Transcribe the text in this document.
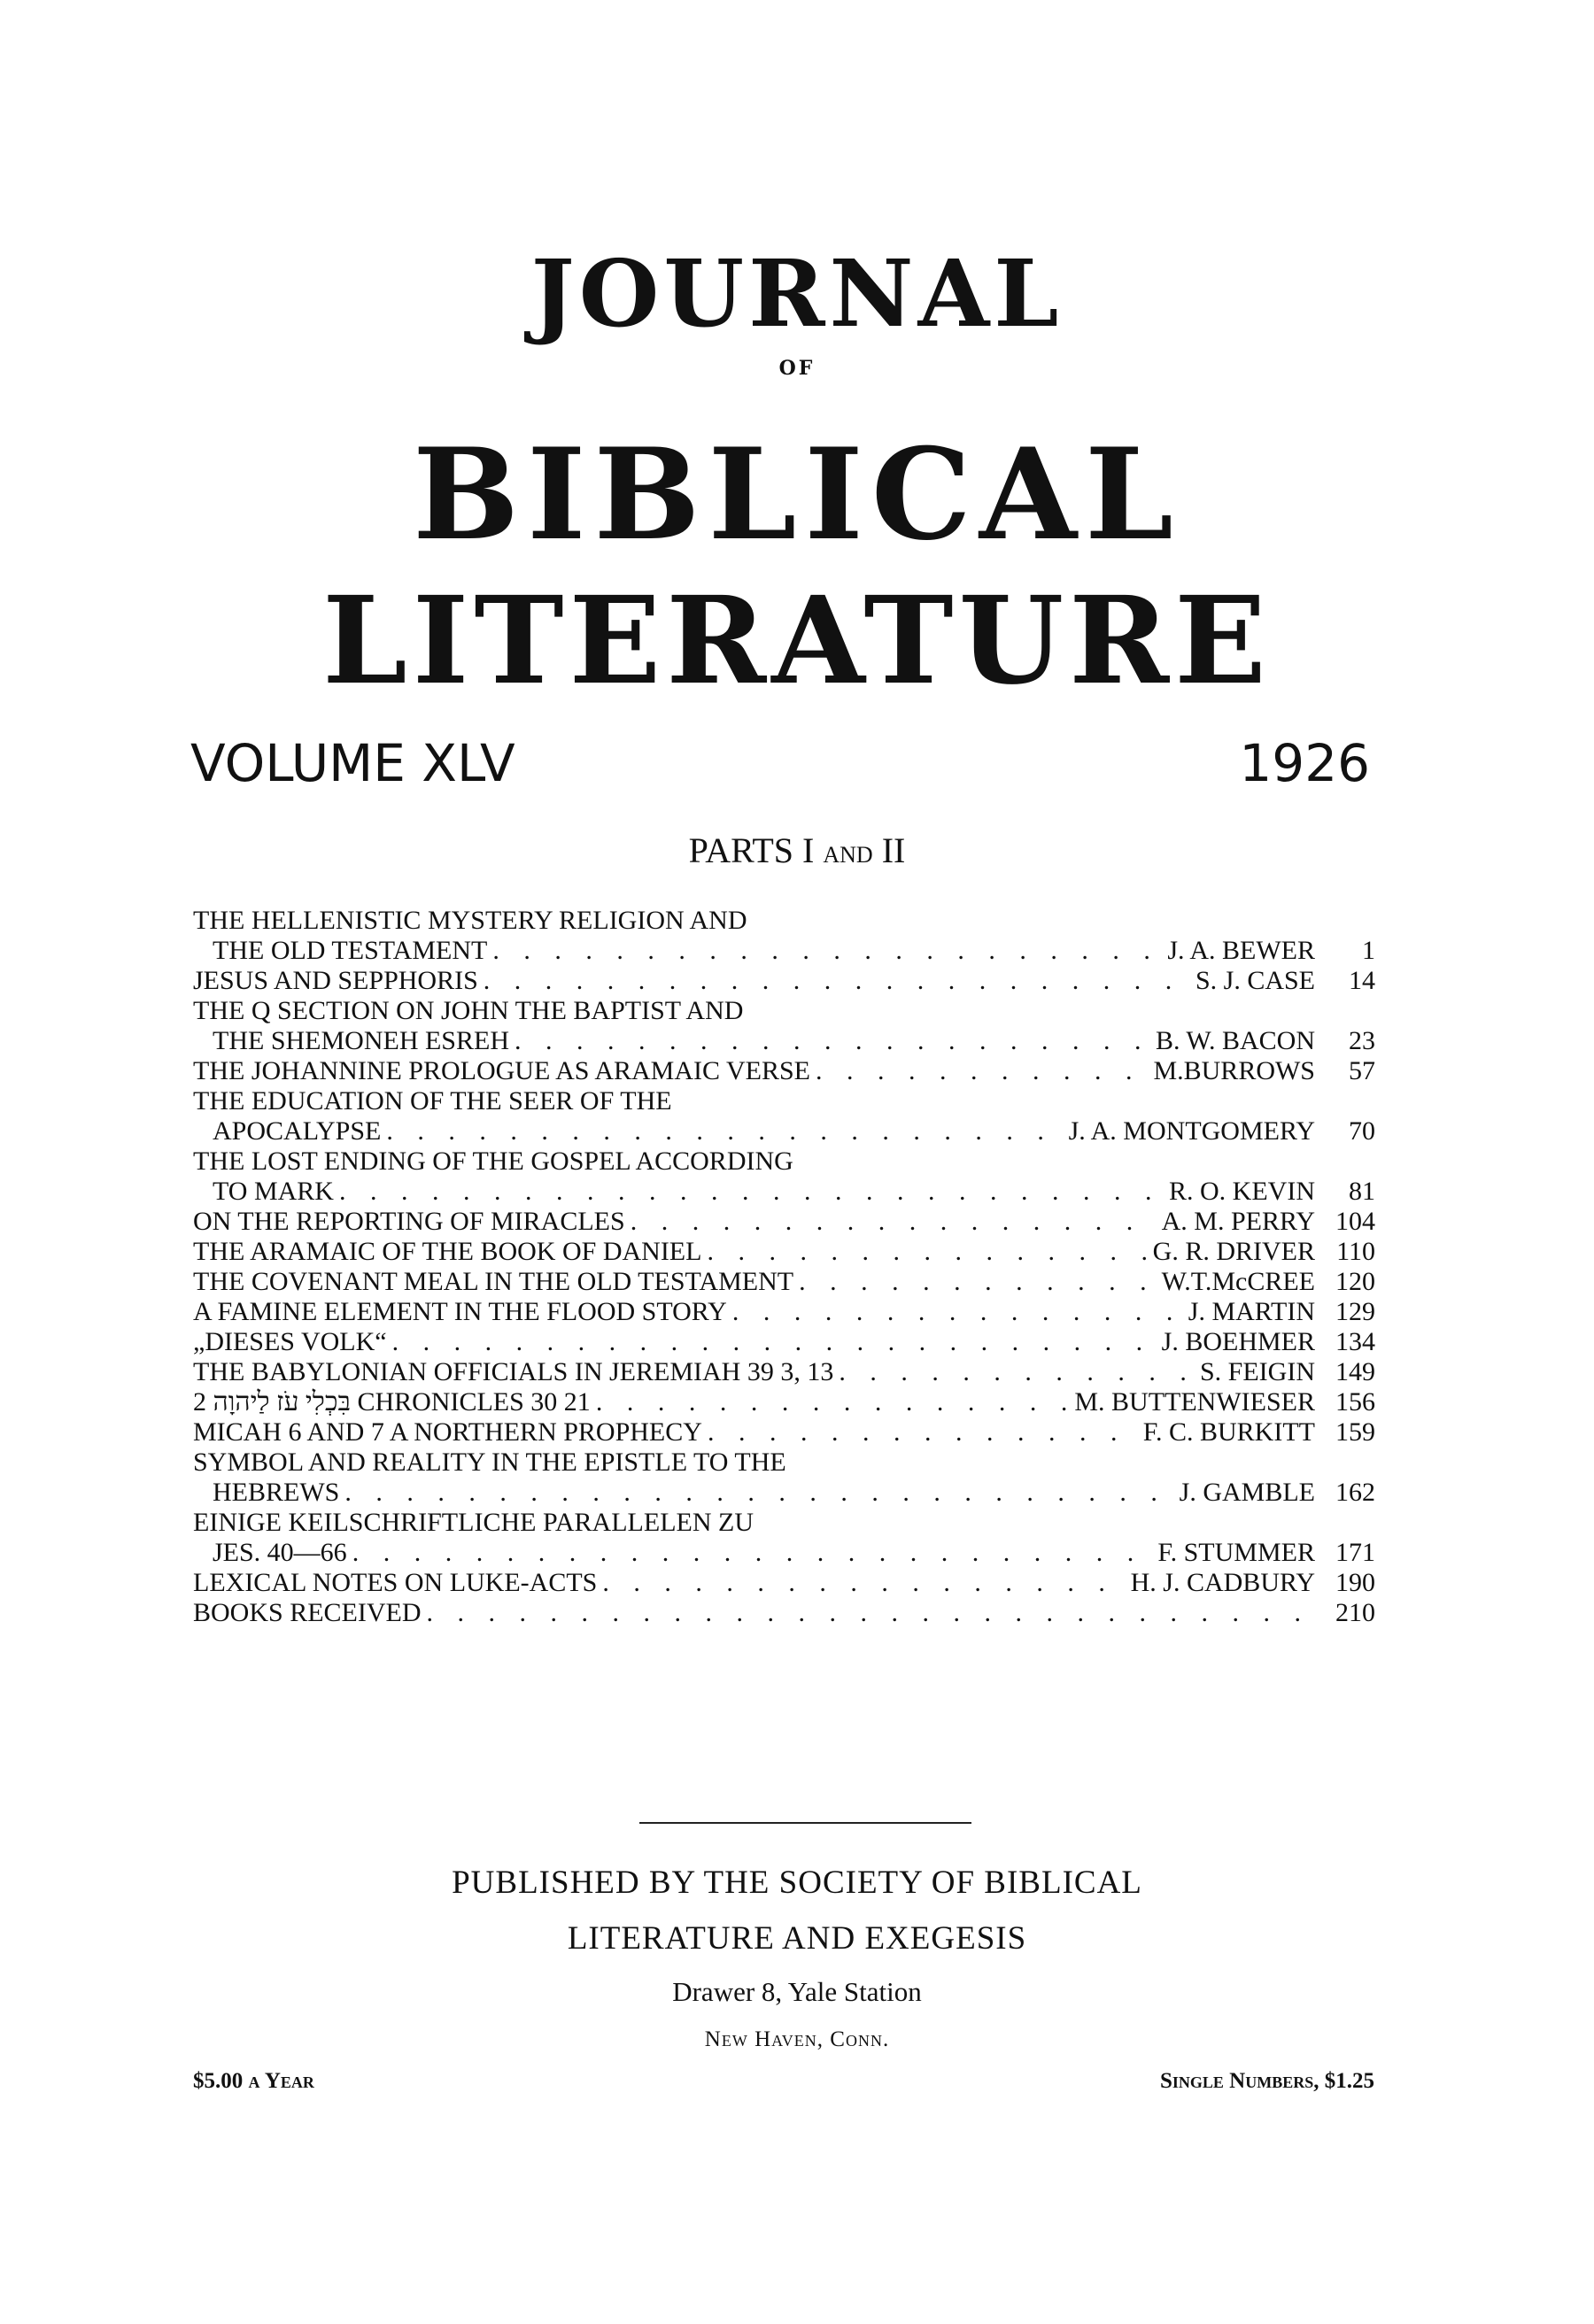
JOURNAL
OF
BIBLICAL
LITERATURE
VOLUME XLV	1926
PARTS I AND II
THE HELLENISTIC MYSTERY RELIGION AND
THE OLD TESTAMENT . . .	J. A. BEWER	1
JESUS AND SEPPHORIS . . .	S. J. CASE	14
THE Q SECTION ON JOHN THE BAPTIST AND
THE SHEMONEH ESREH . . .	B. W. BACON	23
THE JOHANNINE PROLOGUE AS ARAMAIC VERSE . . .	M.BURROWS	57
THE EDUCATION OF THE SEER OF THE
APOCALYPSE . . .	J. A. MONTGOMERY	70
THE LOST ENDING OF THE GOSPEL ACCORDING
TO MARK . . .	R. O. KEVIN	81
ON THE REPORTING OF MIRACLES . . .	A. M. PERRY 104
THE ARAMAIC OF THE BOOK OF DANIEL . . .	G. R. DRIVER 110
THE COVENANT MEAL IN THE OLD TESTAMENT . . .	W.T.McCREE 120
A FAMINE ELEMENT IN THE FLOOD STORY . . .	J. MARTIN 129
„DIESES VOLK“ . . .	J. BOEHMER 134
THE BABYLONIAN OFFICIALS IN JEREMIAH 39 3, 13 . . .	S. FEIGIN 149
בִּכְלִי עֹז לַיהוָה 2 CHRONICLES 30 21 . . .	M. BUTTENWIESER 156
MICAH 6 AND 7 A NORTHERN PROPHECY . . .	F. C. BURKITT 159
SYMBOL AND REALITY IN THE EPISTLE TO THE
HEBREWS . . .	J. GAMBLE 162
EINIGE KEILSCHRIFTLICHE PARALLELEN ZU
JES. 40—66 . . .	F. STUMMER 171
LEXICAL NOTES ON LUKE-ACTS . . .	H. J. CADBURY 190
BOOKS RECEIVED . . .	210
PUBLISHED BY THE SOCIETY OF BIBLICAL
LITERATURE AND EXEGESIS
Drawer 8, Yale Station
New Haven, Conn.
$5.00 a Year	Single Numbers, $1.25
